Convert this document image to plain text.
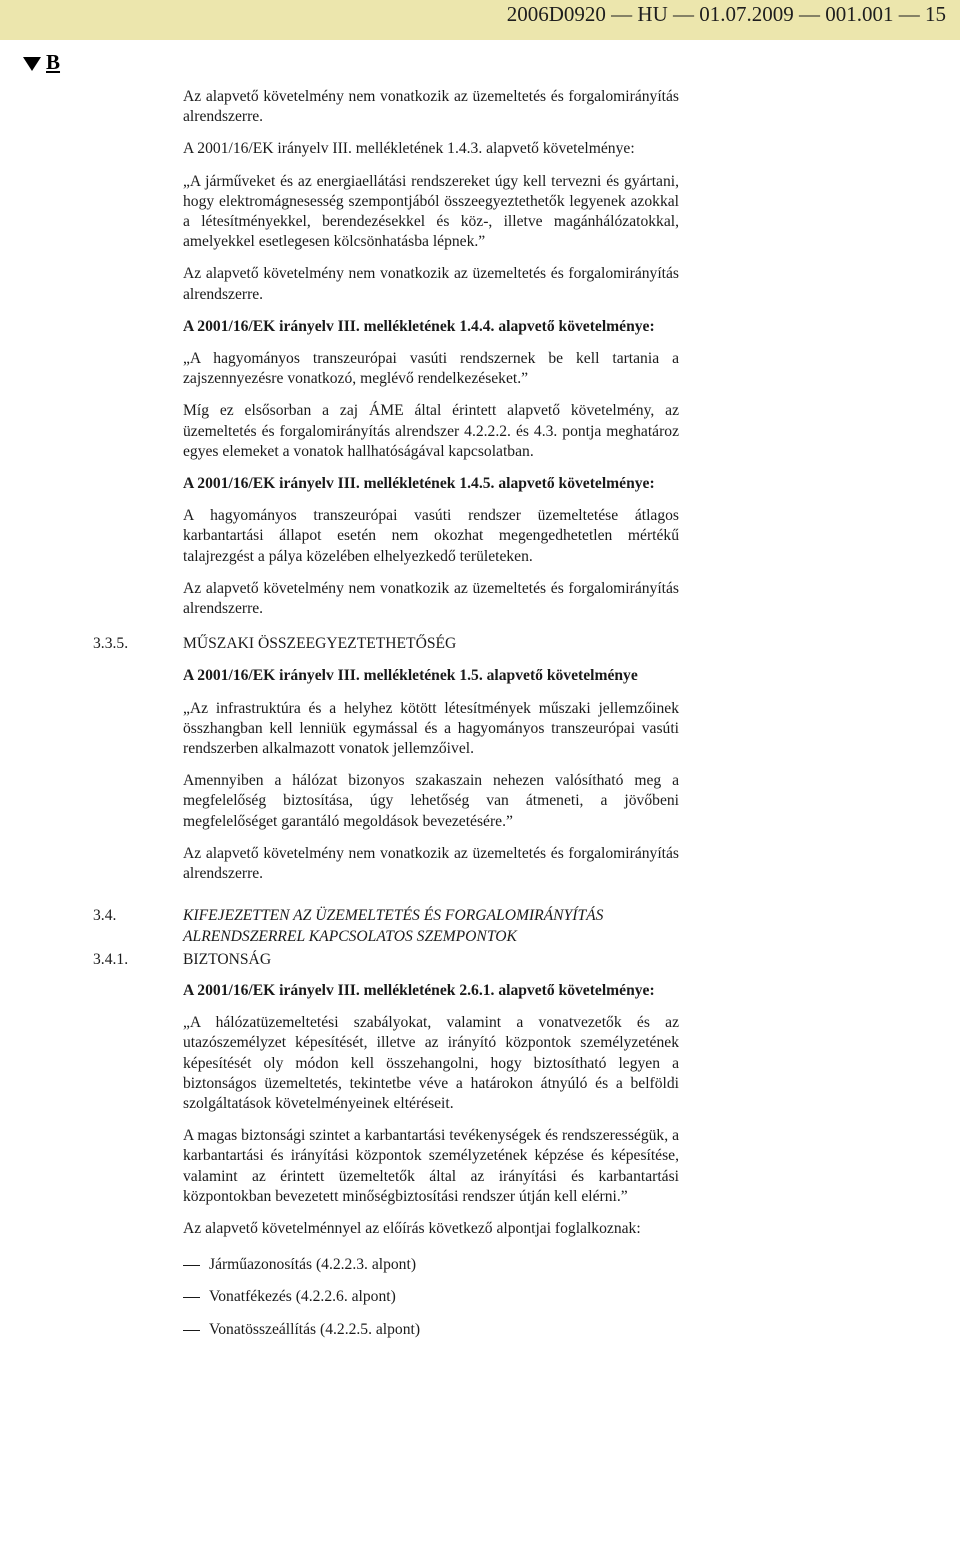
2006D0920 — HU — 01.07.2009 — 001.001 — 15
B

Az alapvető követelmény nem vonatkozik az üzemeltetés és forgalomirányítás alrendszerre.

A 2001/16/EK irányelv III. mellékletének 1.4.3. alapvető követelménye:

„A járműveket és az energiaellátási rendszereket úgy kell tervezni és gyártani, hogy elektromágnesesség szempontjából összeegyeztethetők legyenek azokkal a létesítményekkel, berendezésekkel és köz-, illetve magánhálózatokkal, amelyekkel esetlegesen kölcsönhatásba lépnek.”

Az alapvető követelmény nem vonatkozik az üzemeltetés és forgalomirányítás alrendszerre.

A 2001/16/EK irányelv III. mellékletének 1.4.4. alapvető követelménye:

„A hagyományos transzeurópai vasúti rendszernek be kell tartania a zajszennyezésre vonatkozó, meglévő rendelkezéseket.”

Míg ez elsősorban a zaj ÁME által érintett alapvető követelmény, az üzemeltetés és forgalomirányítás alrendszer 4.2.2.2. és 4.3. pontja meghatároz egyes elemeket a vonatok hallhatóságával kapcsolatban.

A 2001/16/EK irányelv III. mellékletének 1.4.5. alapvető követelménye:

A hagyományos transzeurópai vasúti rendszer üzemeltetése átlagos karbantartási állapot esetén nem okozhat megengedhetetlen mértékű talajrezgést a pálya közelében elhelyezkedő területeken.

Az alapvető követelmény nem vonatkozik az üzemeltetés és forgalomirányítás alrendszerre.

3.3.5.	MŰSZAKI ÖSSZEEGYEZTETHETŐSÉG

A 2001/16/EK irányelv III. mellékletének 1.5. alapvető követelménye

„Az infrastruktúra és a helyhez kötött létesítmények műszaki jellemzőinek összhangban kell lenniük egymással és a hagyományos transzeurópai vasúti rendszerben alkalmazott vonatok jellemzőivel.

Amennyiben a hálózat bizonyos szakaszain nehezen valósítható meg a megfelelőség biztosítása, úgy lehetőség van átmeneti, a jövőbeni megfelelőséget garantáló megoldások bevezetésére.”

Az alapvető követelmény nem vonatkozik az üzemeltetés és forgalomirányítás alrendszerre.

3.4.	KIFEJEZETTEN AZ ÜZEMELTETÉS ÉS FORGALOMIRÁNYÍTÁS ALRENDSZERREL KAPCSOLATOS SZEMPONTOK
3.4.1.	BIZTONSÁG

A 2001/16/EK irányelv III. mellékletének 2.6.1. alapvető követelménye:

„A hálózatüzemeltetési szabályokat, valamint a vonatvezetők és az utazószemélyzet képesítését, illetve az irányító központok személyzetének képesítését oly módon kell összehangolni, hogy biztosítható legyen a biztonságos üzemeltetés, tekintetbe véve a határokon átnyúló és a belföldi szolgáltatások követelményeinek eltéréseit.

A magas biztonsági szintet a karbantartási tevékenységek és rendszerességük, a karbantartási és irányítási központok személyzetének képzése és képesítése, valamint az érintett üzemeltetők által az irányítási és karbantartási központokban bevezetett minőségbiztosítási rendszer útján kell elérni.”

Az alapvető követelménnyel az előírás következő alpontjai foglalkoznak:

Járműazonosítás (4.2.2.3. alpont)

Vonatfékezés (4.2.2.6. alpont)

Vonatösszeállítás (4.2.2.5. alpont)
